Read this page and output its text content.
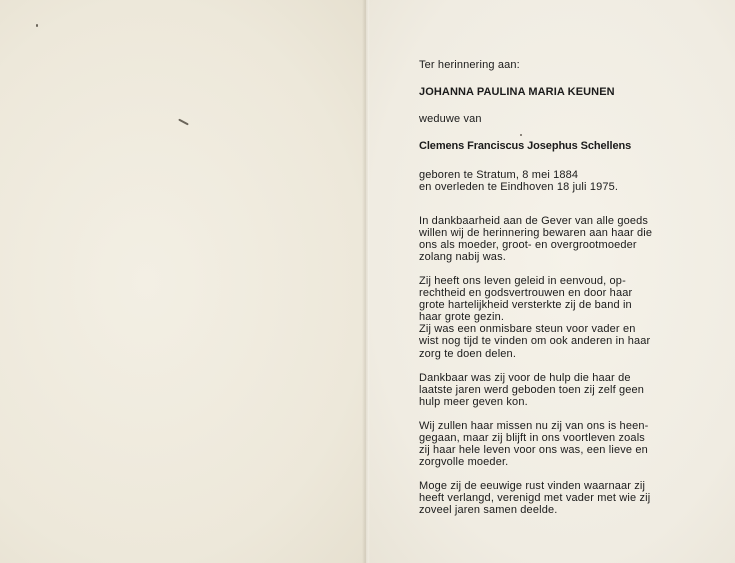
Ter herinnering aan:

JOHANNA PAULINA MARIA KEUNEN

weduwe van

Clemens Franciscus Josephus Schellens

geboren te Stratum, 8 mei 1884
en overleden te Eindhoven 18 juli 1975.

In dankbaarheid aan de Gever van alle goeds
willen wij de herinnering bewaren aan haar die
ons als moeder, groot- en overgrootmoeder
zolang nabij was.

Zij heeft ons leven geleid in eenvoud, op-
rechtheid en godsvertrouwen en door haar
grote hartelijkheid versterkte zij de band in
haar grote gezin.
Zij was een onmisbare steun voor vader en
wist nog tijd te vinden om ook anderen in haar
zorg te doen delen.

Dankbaar was zij voor de hulp die haar de
laatste jaren werd geboden toen zij zelf geen
hulp meer geven kon.

Wij zullen haar missen nu zij van ons is heen-
gegaan, maar zij blijft in ons voortleven zoals
zij haar hele leven voor ons was, een lieve en
zorgvolle moeder.

Moge zij de eeuwige rust vinden waarnaar zij
heeft verlangd, verenigd met vader met wie zij
zoveel jaren samen deelde.
